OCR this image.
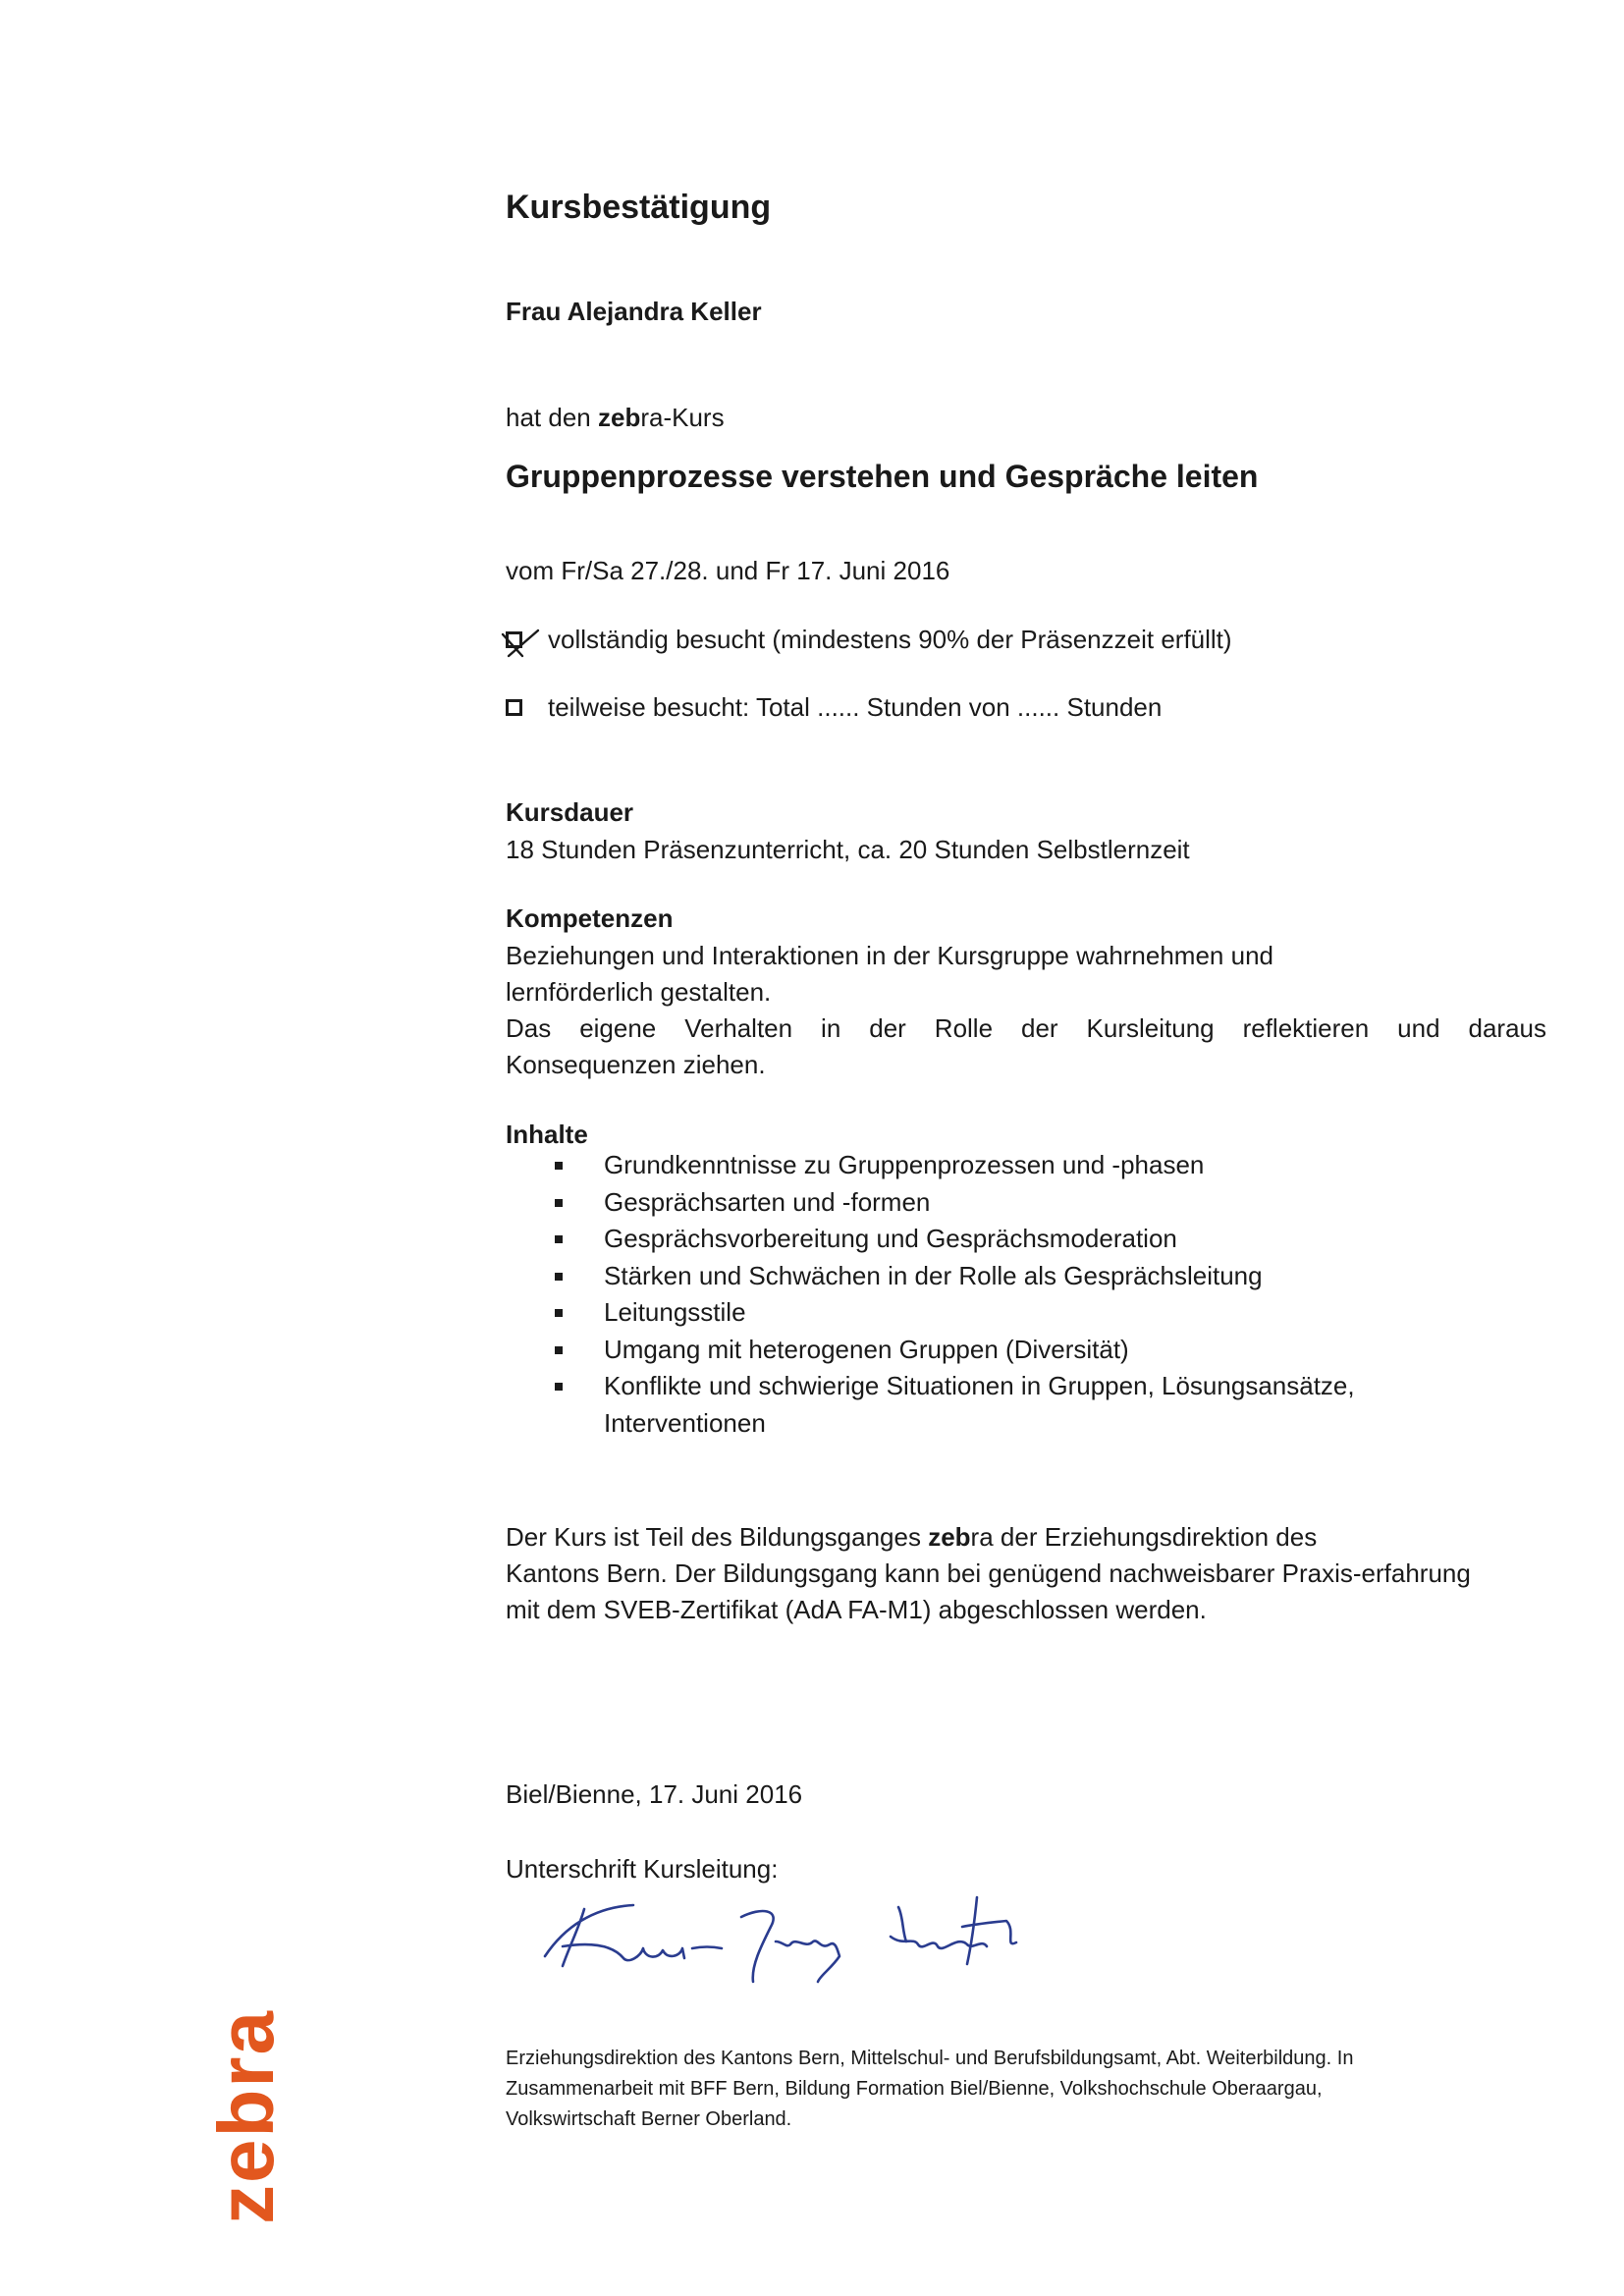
zebra
Kursbestätigung
Frau Alejandra Keller
hat den zebra-Kurs
Gruppenprozesse verstehen und Gespräche leiten
vom Fr/Sa 27./28. und Fr 17. Juni 2016
vollständig besucht (mindestens 90% der Präsenzzeit erfüllt)
teilweise besucht: Total ...... Stunden von ...... Stunden
Kursdauer
18 Stunden Präsenzunterricht, ca. 20 Stunden Selbstlernzeit
Kompetenzen
Beziehungen und Interaktionen in der Kursgruppe wahrnehmen und
lernförderlich gestalten.
Das eigene Verhalten in der Rolle der Kursleitung reflektieren und daraus
Konsequenzen ziehen.
Inhalte
Grundkenntnisse zu Gruppenprozessen und -phasen
Gesprächsarten und -formen
Gesprächsvorbereitung und Gesprächsmoderation
Stärken und Schwächen in der Rolle als Gesprächsleitung
Leitungsstile
Umgang mit heterogenen Gruppen (Diversität)
Konflikte und schwierige Situationen in Gruppen, Lösungsansätze,
Interventionen
Der Kurs ist Teil des Bildungsganges zebra der Erziehungsdirektion des
Kantons Bern. Der Bildungsgang kann bei genügend nachweisbarer Praxis-erfahrung
mit dem SVEB-Zertifikat (AdA FA-M1) abgeschlossen werden.
Biel/Bienne, 17. Juni 2016
Unterschrift Kursleitung:
Erziehungsdirektion des Kantons Bern, Mittelschul- und Berufsbildungsamt, Abt. Weiterbildung. In
Zusammenarbeit mit BFF Bern, Bildung Formation Biel/Bienne, Volkshochschule Oberaargau,
Volkswirtschaft Berner Oberland.
